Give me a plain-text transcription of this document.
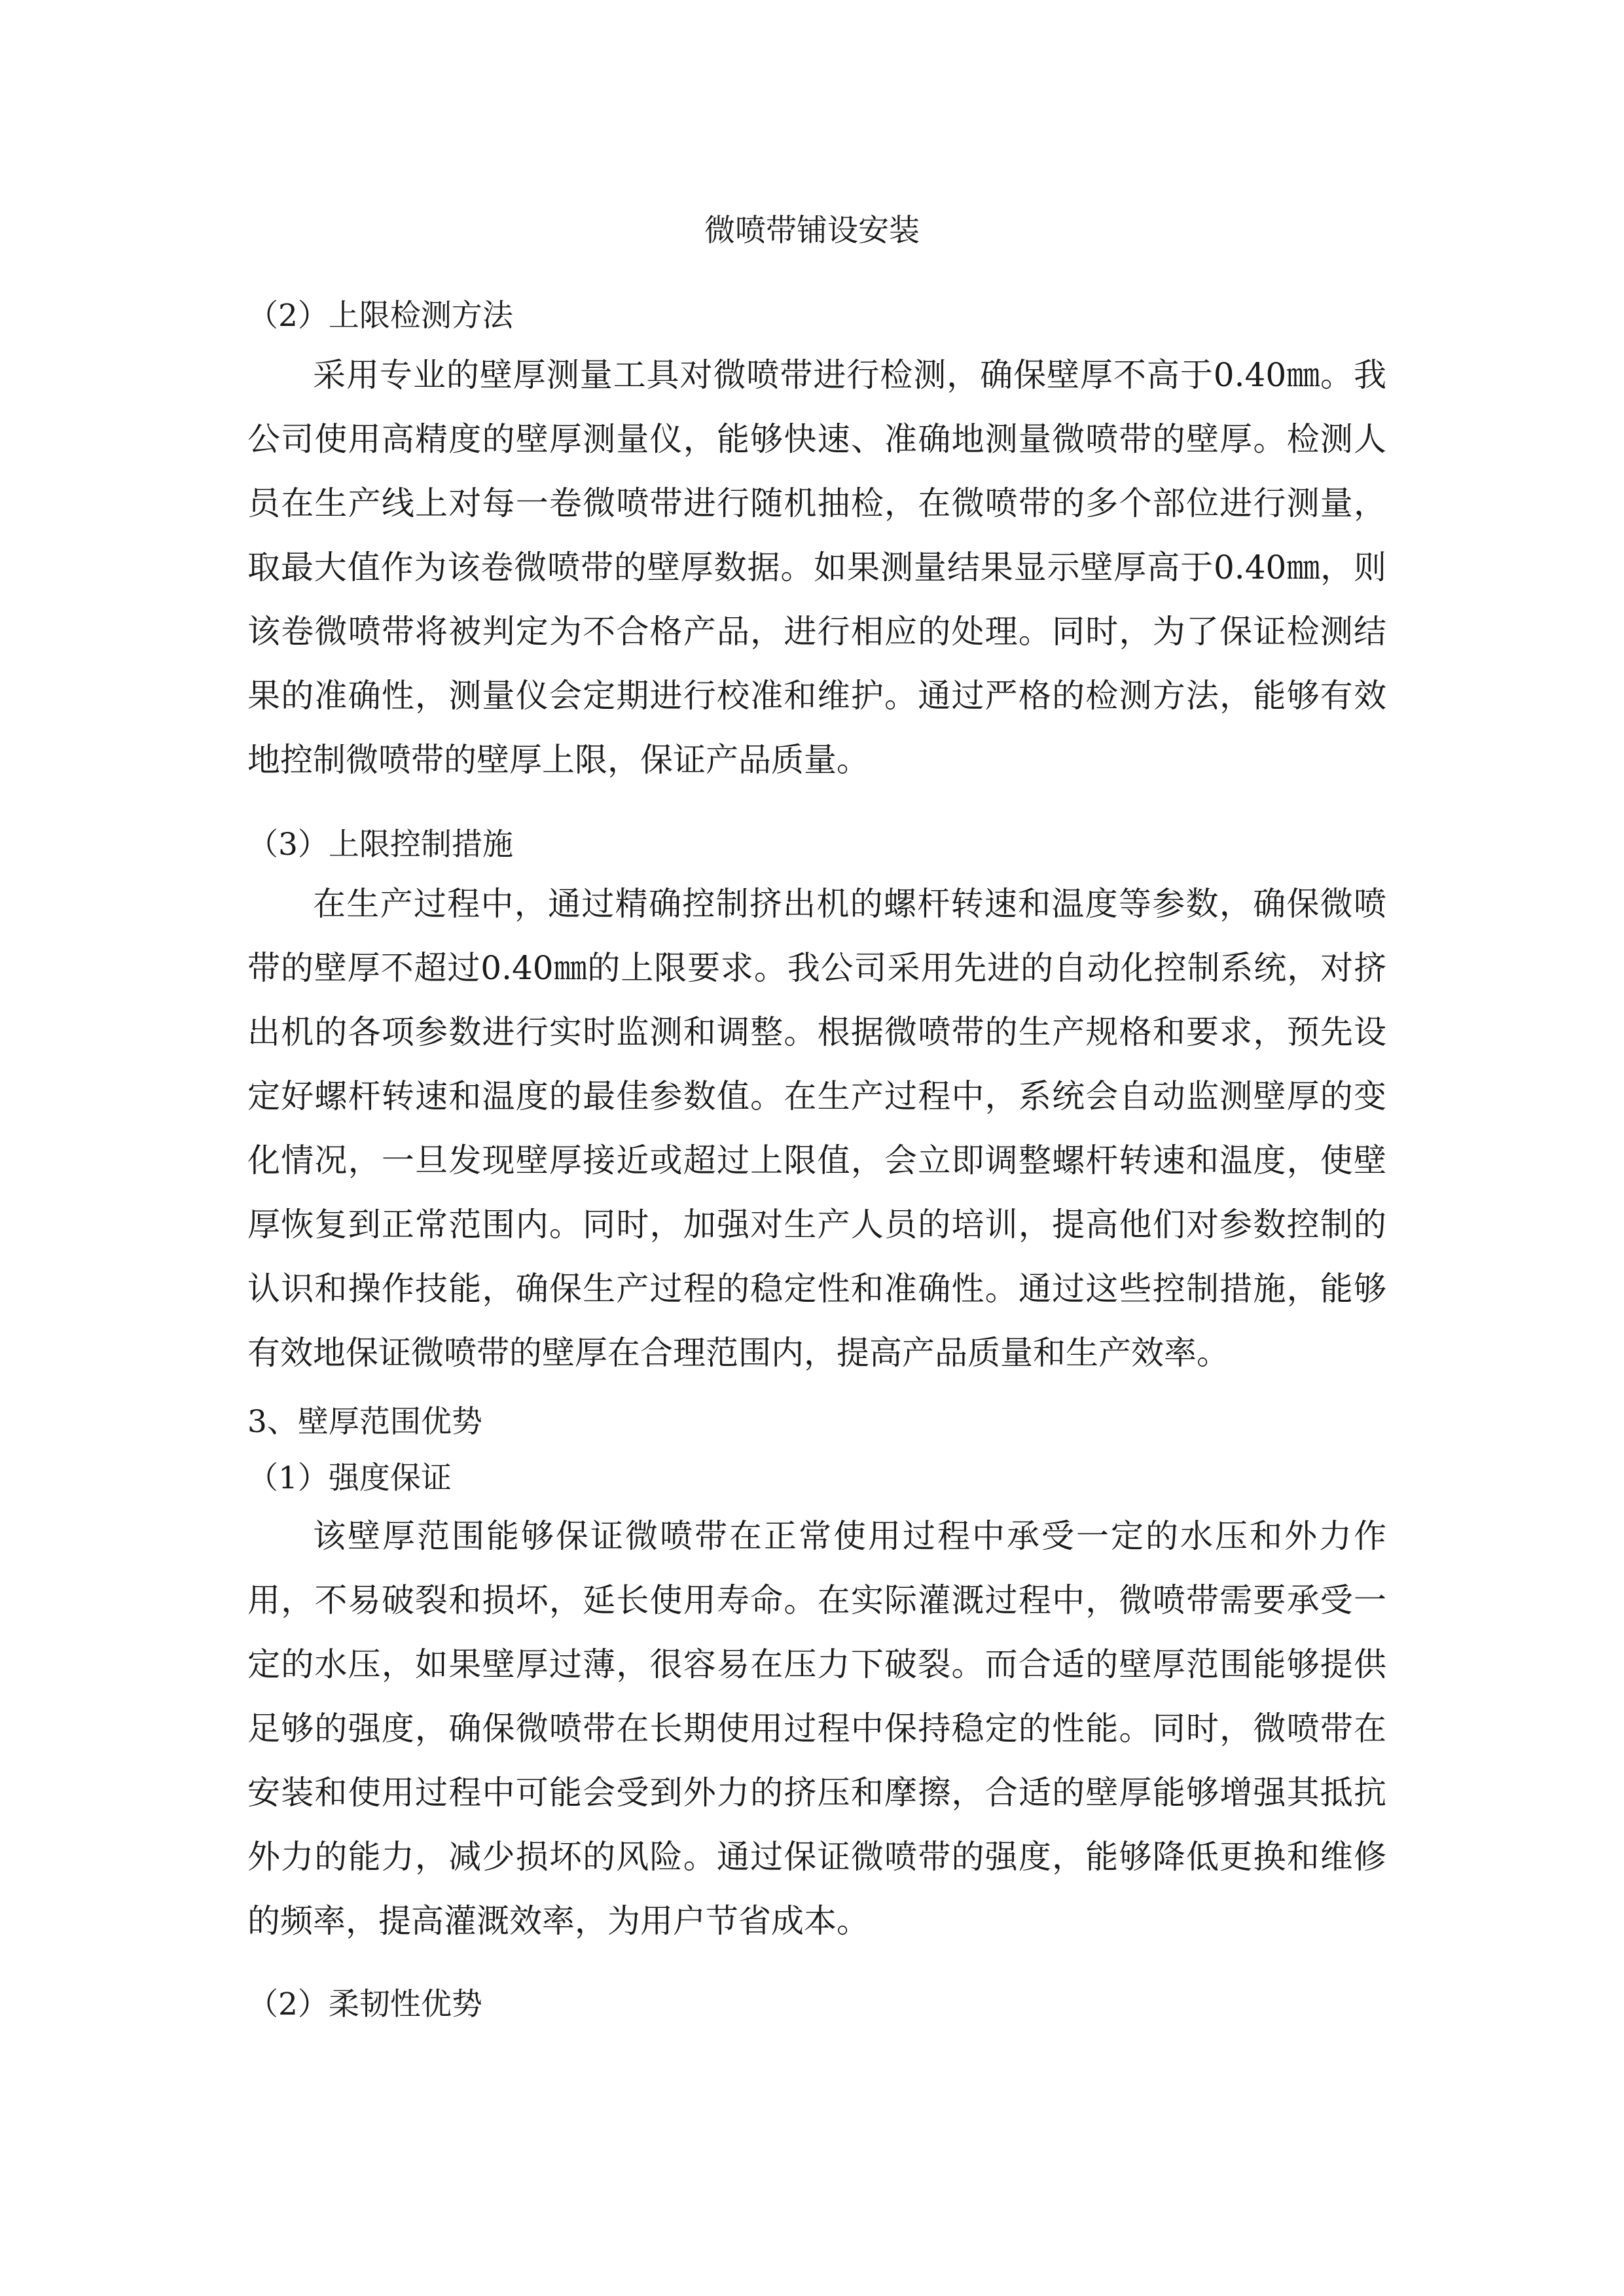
微喷带铺设安装
（2）上限检测方法

采用专业的壁厚测量工具对微喷带进行检测，确保壁厚不高于0.40㎜。我公司使用高精度的壁厚测量仪，能够快速、准确地测量微喷带的壁厚。检测人员在生产线上对每一卷微喷带进行随机抽检，在微喷带的多个部位进行测量，取最大值作为该卷微喷带的壁厚数据。如果测量结果显示壁厚高于0.40㎜，则该卷微喷带将被判定为不合格产品，进行相应的处理。同时，为了保证检测结果的准确性，测量仪会定期进行校准和维护。通过严格的检测方法，能够有效地控制微喷带的壁厚上限，保证产品质量。

（3）上限控制措施

在生产过程中，通过精确控制挤出机的螺杆转速和温度等参数，确保微喷带的壁厚不超过0.40㎜的上限要求。我公司采用先进的自动化控制系统，对挤出机的各项参数进行实时监测和调整。根据微喷带的生产规格和要求，预先设定好螺杆转速和温度的最佳参数值。在生产过程中，系统会自动监测壁厚的变化情况，一旦发现壁厚接近或超过上限值，会立即调整螺杆转速和温度，使壁厚恢复到正常范围内。同时，加强对生产人员的培训，提高他们对参数控制的认识和操作技能，确保生产过程的稳定性和准确性。通过这些控制措施，能够有效地保证微喷带的壁厚在合理范围内，提高产品质量和生产效率。

3、壁厚范围优势
（1）强度保证

该壁厚范围能够保证微喷带在正常使用过程中承受一定的水压和外力作用，不易破裂和损坏，延长使用寿命。在实际灌溉过程中，微喷带需要承受一定的水压，如果壁厚过薄，很容易在压力下破裂。而合适的壁厚范围能够提供足够的强度，确保微喷带在长期使用过程中保持稳定的性能。同时，微喷带在安装和使用过程中可能会受到外力的挤压和摩擦，合适的壁厚能够增强其抵抗外力的能力，减少损坏的风险。通过保证微喷带的强度，能够降低更换和维修的频率，提高灌溉效率，为用户节省成本。

（2）柔韧性优势
